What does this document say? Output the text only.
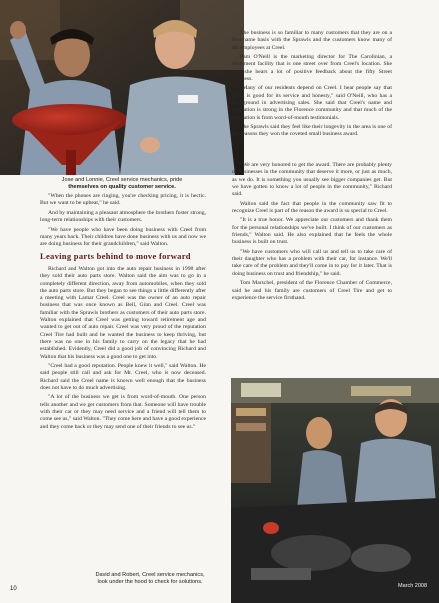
Jose and Lonnie, Creel service mechanics, pride
themselves on quality customer service.

"When the phones are ringing, you're checking pricing, it is hectic. But we want to be upbeat," he said.

And by maintaining a pleasant atmosphere the brothers foster strong, long-term relationships with their customers.

"We have people who have been doing business with Creel from many years back. Their children have done business with us and now we are doing business for their grandchildren," said Walton.

Leaving parts behind to move forward

Richard and Walton got into the auto repair business in 1998 after they sold their auto parts store. Walton said the aim was to go in a completely different direction, away from automobiles, when they sold the auto parts store. But they began to see things a little differently after a meeting with Lamar Creel. Creel was the owner of an auto repair business that was once known as Bell, Ginn and Creel. Creel was familiar with the Sprawls brothers as customers of their auto parts store. Walton explained that Creel was getting toward retirement age and wanted to get out of auto repair. Creel was very proud of the reputation Creel Tire had built and he wanted the business to keep thriving, but there was no one in his family to carry on the legacy that he had established. Evidently, Creel did a good job of convincing Richard and Walton that his business was a good one to get into.

"Creel had a good reputation. People knew it well," said Walton. He said people still call and ask for Mr. Creel, who is now deceased. Richard said the Creel name is known well enough that the business does not have to do much advertising.

"A lot of the business we get is from word-of-mouth. One person tells another and we get customers from that. Someone will have trouble with their car or they may need service and a friend will tell them to come see us," said Walton. "They come here and have a good experience and they come back or they may send one of their friends to see us."

The business is so familiar to many customers that they are on a first-name basis with the Sprawls and the customers know many of the employees at Creel.

Pam O'Neill is the marketing director for The Carolinian, a retirement facility that is one street over from Creel's location. She said she hears a lot of positive feedback about the fifty Street business.

"Many of our residents depend on Creel. I hear people say that Creel is good for its service and honesty," said O'Neill, who has a background in advertising sales. She said that Creel's name and reputation is strong in the Florence community and that much of the reputation is from word-of-mouth testimonials.

The Sprawls said they feel like their longevity in the area is one of the reasons they won the coveted small business award.

"We are very honored to get the award. There are probably plenty of businesses in the community that deserve it more, or just as much, as we do. It is something you usually see bigger companies get. But we have gotten to know a lot of people in the community," Richard said.

Walton said the fact that people in the community saw fit to recognize Creel is part of the reason the award is so special to Creel.

"It is a true honor. We appreciate our customers and thank them for the personal relationships we've built. I think of our customers as friends," Walton said. He also explained that he feels the whole business is built on trust.

"We have customers who will call us and tell us to take care of their daughter who has a problem with their car, for instance. We'll take care of the problem and they'll come in to pay for it later. That is doing business on trust and friendship," he said.

Tom Marschel, president of the Florence Chamber of Commerce, said he and his family are customers of Creel Tire and get to experience the service firsthand.

David and Robert, Creel service mechanics,
look under the hood to check for solutions.
10	March 2008
